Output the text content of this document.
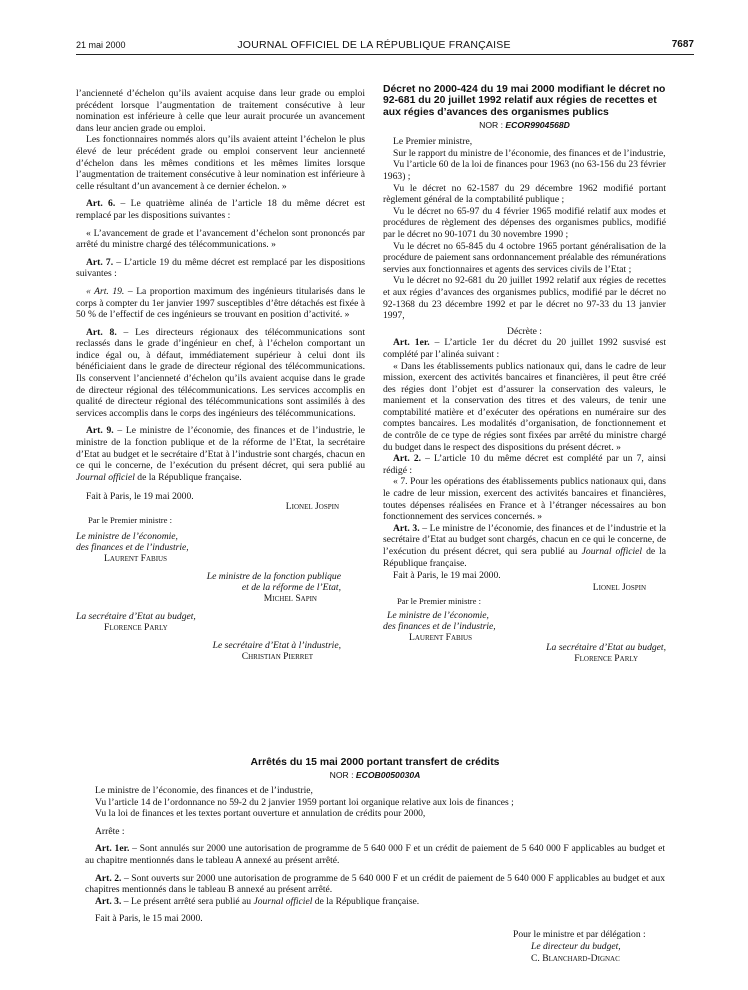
21 mai 2000	JOURNAL OFFICIEL DE LA RÉPUBLIQUE FRANÇAISE	7687

l’ancienneté d’échelon qu’ils avaient acquise dans leur grade ou emploi précédent lorsque l’augmentation de traitement consécutive à leur nomination est inférieure à celle que leur aurait procurée un avancement dans leur ancien grade ou emploi.

Les fonctionnaires nommés alors qu’ils avaient atteint l’échelon le plus élevé de leur précédent grade ou emploi conservent leur ancienneté d’échelon dans les mêmes conditions et les mêmes limites lorsque l’augmentation de traitement consécutive à leur nomination est inférieure à celle résultant d’un avancement à ce dernier échelon. »

Art. 6. – Le quatrième alinéa de l’article 18 du même décret est remplacé par les dispositions suivantes :

« L’avancement de grade et l’avancement d’échelon sont prononcés par arrêté du ministre chargé des télécommunications. »

Art. 7. – L’article 19 du même décret est remplacé par les dispositions suivantes :

« Art. 19. – La proportion maximum des ingénieurs titularisés dans le corps à compter du 1er janvier 1997 susceptibles d’être détachés est fixée à 50 % de l’effectif de ces ingénieurs se trouvant en position d’activité. »

Art. 8. – Les directeurs régionaux des télécommunications sont reclassés dans le grade d’ingénieur en chef, à l’échelon comportant un indice égal ou, à défaut, immédiatement supérieur à celui dont ils bénéficiaient dans le grade de directeur régional des télécommunications. Ils conservent l’ancienneté d’échelon qu’ils avaient acquise dans le grade de directeur régional des télécommunications. Les services accomplis en qualité de directeur régional des télécommunications sont assimilés à des services accomplis dans le corps des ingénieurs des télécommunications.

Art. 9. – Le ministre de l’économie, des finances et de l’industrie, le ministre de la fonction publique et de la réforme de l’Etat, la secrétaire d’Etat au budget et le secrétaire d’Etat à l’industrie sont chargés, chacun en ce qui le concerne, de l’exécution du présent décret, qui sera publié au Journal officiel de la République française.

Fait à Paris, le 19 mai 2000.
Lionel Jospin
Par le Premier ministre :
Le ministre de l’économie,
des finances et de l’industrie,
Laurent Fabius
Le ministre de la fonction publique
et de la réforme de l’Etat,
Michel Sapin
La secrétaire d’Etat au budget,
Florence Parly
Le secrétaire d’Etat à l’industrie,
Christian Pierret

Décret no 2000-424 du 19 mai 2000 modifiant le décret no 92-681 du 20 juillet 1992 relatif aux régies de recettes et aux régies d’avances des organismes publics

NOR : ECOR9904568D

Le Premier ministre,

Sur le rapport du ministre de l’économie, des finances et de l’industrie,

Vu l’article 60 de la loi de finances pour 1963 (no 63-156 du 23 février 1963) ;

Vu le décret no 62-1587 du 29 décembre 1962 modifié portant règlement général de la comptabilité publique ;

Vu le décret no 65-97 du 4 février 1965 modifié relatif aux modes et procédures de règlement des dépenses des organismes publics, modifié par le décret no 90-1071 du 30 novembre 1990 ;

Vu le décret no 65-845 du 4 octobre 1965 portant généralisation de la procédure de paiement sans ordonnancement préalable des rémunérations servies aux fonctionnaires et agents des services civils de l’Etat ;

Vu le décret no 92-681 du 20 juillet 1992 relatif aux régies de recettes et aux régies d’avances des organismes publics, modifié par le décret no 92-1368 du 23 décembre 1992 et par le décret no 97-33 du 13 janvier 1997,

Décrète :

Art. 1er. – L’article 1er du décret du 20 juillet 1992 susvisé est complété par l’alinéa suivant :

« Dans les établissements publics nationaux qui, dans le cadre de leur mission, exercent des activités bancaires et financières, il peut être créé des régies dont l’objet est d’assurer la conservation des valeurs, le maniement et la conservation des titres et des valeurs, de tenir une comptabilité matière et d’exécuter des opérations en numéraire sur des comptes bancaires. Les modalités d’organisation, de fonctionnement et de contrôle de ce type de régies sont fixées par arrêté du ministre chargé du budget dans le respect des dispositions du présent décret. »

Art. 2. – L’article 10 du même décret est complété par un 7, ainsi rédigé :

« 7. Pour les opérations des établissements publics nationaux qui, dans le cadre de leur mission, exercent des activités bancaires et financières, toutes dépenses réalisées en France et à l’étranger nécessaires au bon fonctionnement des services concernés. »

Art. 3. – Le ministre de l’économie, des finances et de l’industrie et la secrétaire d’Etat au budget sont chargés, chacun en ce qui le concerne, de l’exécution du présent décret, qui sera publié au Journal officiel de la République française.

Fait à Paris, le 19 mai 2000.
Lionel Jospin
Par le Premier ministre :
Le ministre de l’économie,
des finances et de l’industrie,
Laurent Fabius
La secrétaire d’Etat au budget,
Florence Parly

Arrêtés du 15 mai 2000 portant transfert de crédits

NOR : ECOB0050030A

Le ministre de l’économie, des finances et de l’industrie,

Vu l’article 14 de l’ordonnance no 59-2 du 2 janvier 1959 portant loi organique relative aux lois de finances ;

Vu la loi de finances et les textes portant ouverture et annulation de crédits pour 2000,

Arrête :

Art. 1er. – Sont annulés sur 2000 une autorisation de programme de 5 640 000 F et un crédit de paiement de 5 640 000 F applicables au budget et au chapitre mentionnés dans le tableau A annexé au présent arrêté.

Art. 2. – Sont ouverts sur 2000 une autorisation de programme de 5 640 000 F et un crédit de paiement de 5 640 000 F applicables au budget et aux chapitres mentionnés dans le tableau B annexé au présent arrêté.

Art. 3. – Le présent arrêté sera publié au Journal officiel de la République française.

Fait à Paris, le 15 mai 2000.

Pour le ministre et par délégation :
Le directeur du budget,
C. Blanchard-Dignac
